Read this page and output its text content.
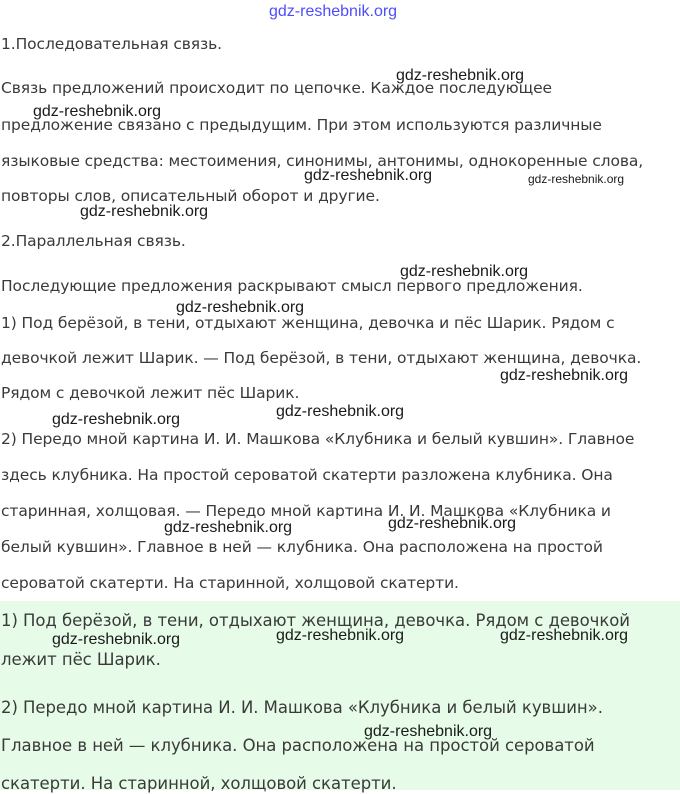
gdz-reshebnik.org

1.Последовательная связь.

Связь предложений происходит по цепочке. Каждое последующее

предложение связано с предыдущим. При этом используются различные

языковые средства: местоимения, синонимы, антонимы, однокоренные слова,

повторы слов, описательный оборот и другие.

2.Параллельная связь.

Последующие предложения раскрывают смысл первого предложения.

1) Под берёзой, в тени, отдыхают женщина, девочка и пёс Шарик. Рядом с

девочкой лежит Шарик. — Под берёзой, в тени, отдыхают женщина, девочка.

Рядом с девочкой лежит пёс Шарик.

2) Передо мной картина И. И. Машкова «Клубника и белый кувшин». Главное

здесь клубника. На простой сероватой скатерти разложена клубника. Она

старинная, холщовая. — Передо мной картина И. И. Машкова «Клубника и

белый кувшин». Главное в ней — клубника. Она расположена на простой

сероватой скатерти. На старинной, холщовой скатерти.

1) Под берёзой, в тени, отдыхают женщина, девочка. Рядом с девочкой

лежит пёс Шарик.

2) Передо мной картина И. И. Машкова «Клубника и белый кувшин».

Главное в ней — клубника. Она расположена на простой сероватой

скатерти. На старинной, холщовой скатерти.

gdz-reshebnik.org
gdz-reshebnik.org
gdz-reshebnik.org	gdz-reshebnik.org
gdz-reshebnik.org
gdz-reshebnik.org
gdz-reshebnik.org
gdz-reshebnik.org
gdz-reshebnik.org
gdz-reshebnik.org
gdz-reshebnik.org	gdz-reshebnik.org
gdz-reshebnik.org	gdz-reshebnik.org	gdz-reshebnik.org
gdz-reshebnik.org
